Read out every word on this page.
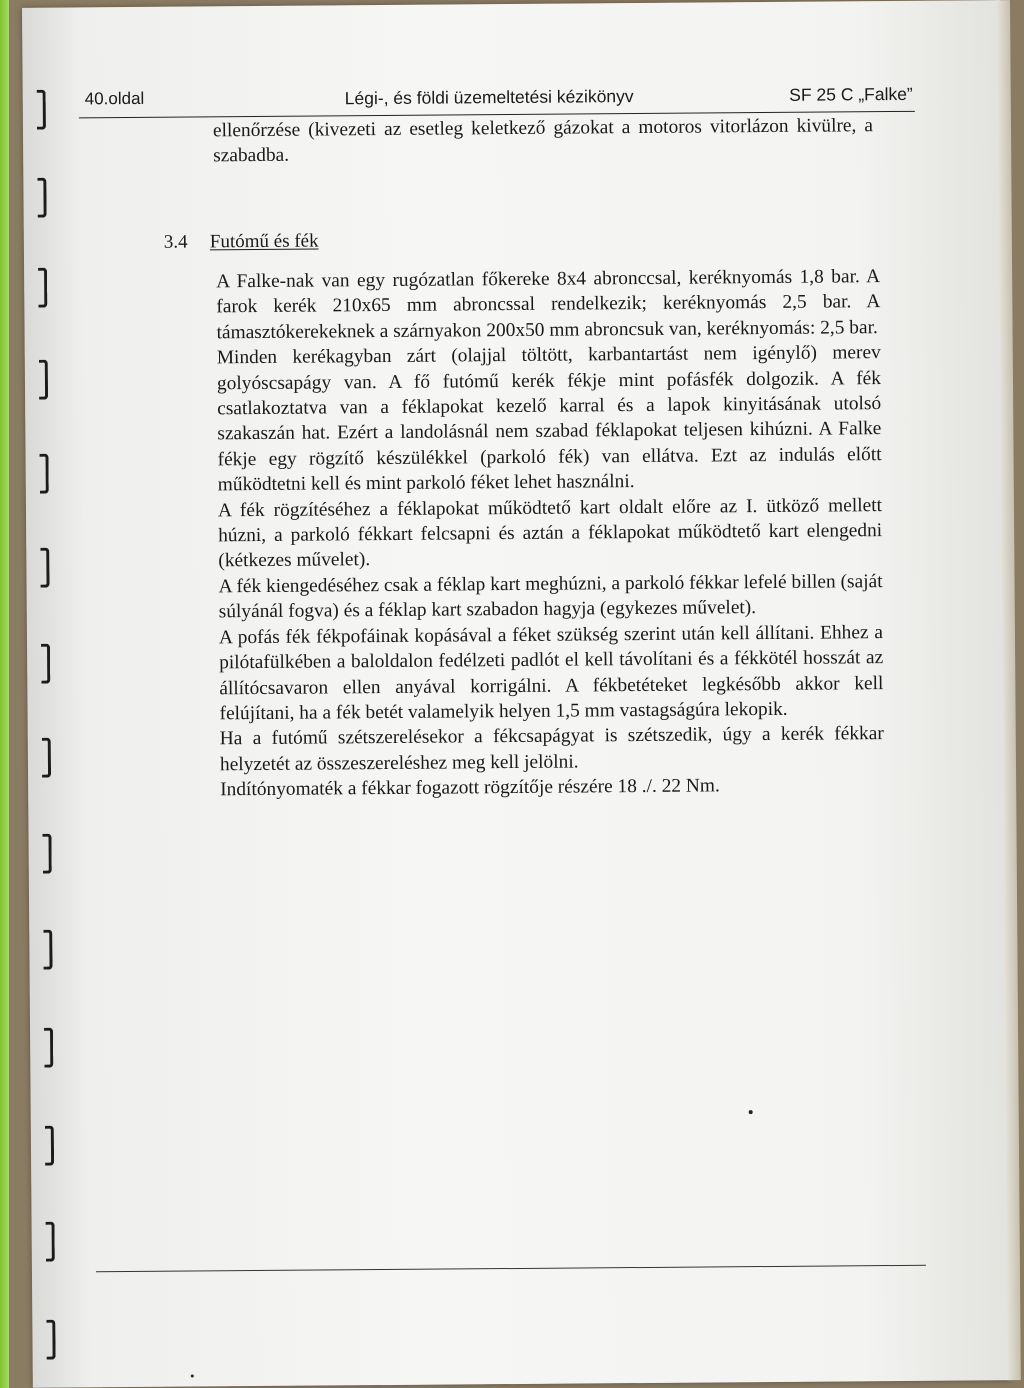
40.oldal	Légi-, és földi üzemeltetési kézikönyv	SF 25 C „Falke”
ellenőrzése (kivezeti az esetleg keletkező gázokat a motoros vitorlázon kivülre, a szabadba.
3.4 Futómű és fék

A Falke-nak van egy rugózatlan főkereke 8x4 abronccsal, keréknyomás 1,8 bar. A farok kerék 210x65 mm abroncssal rendelkezik; keréknyomás 2,5 bar. A támasztókerekeknek a szárnyakon 200x50 mm abroncsuk van, keréknyomás: 2,5 bar.

Minden kerékagyban zárt (olajjal töltött, karbantartást nem igénylő) merev golyóscsapágy van. A fő futómű kerék fékje mint pofásfék dolgozik. A fék csatlakoztatva van a féklapokat kezelő karral és a lapok kinyitásának utolsó szakaszán hat. Ezért a landolásnál nem szabad féklapokat teljesen kihúzni. A Falke fékje egy rögzítő készülékkel (parkoló fék) van ellátva. Ezt az indulás előtt működtetni kell és mint parkoló féket lehet használni.

A fék rögzítéséhez a féklapokat működtető kart oldalt előre az I. ütköző mellett húzni, a parkoló fékkart felcsapni és aztán a féklapokat működtető kart elengedni (kétkezes művelet).

A fék kiengedéséhez csak a féklap kart meghúzni, a parkoló fékkar lefelé billen (saját súlyánál fogva) és a féklap kart szabadon hagyja (egykezes művelet).

A pofás fék fékpofáinak kopásával a féket szükség szerint után kell állítani. Ehhez a pilótafülkében a baloldalon fedélzeti padlót el kell távolítani és a fékkötél hosszát az állítócsavaron ellen anyával korrigálni. A fékbetéteket legkésőbb akkor kell felújítani, ha a fék betét valamelyik helyen 1,5 mm vastagságúra lekopik.

Ha a futómű szétszerelésekor a fékcsapágyat is szétszedik, úgy a kerék fékkar helyzetét az összeszereléshez meg kell jelölni.

Indítónyomaték a fékkar fogazott rögzítője részére 18 ./. 22 Nm.
